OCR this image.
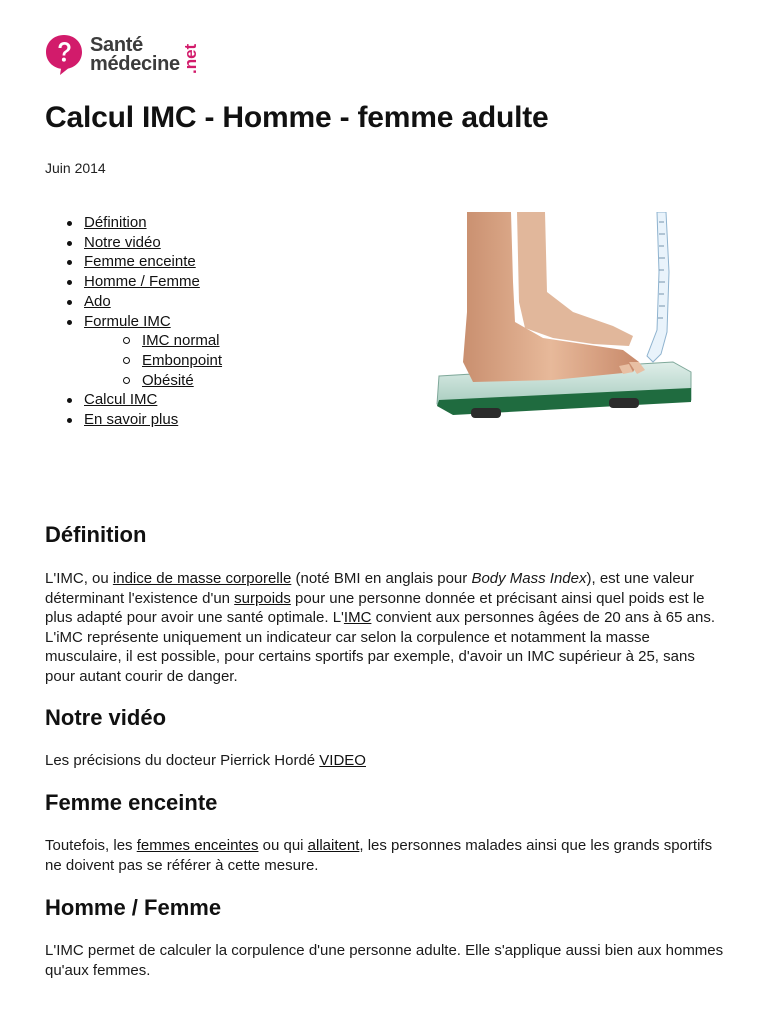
Santé
médecine .net
Calcul IMC - Homme - femme adulte
Juin 2014
Définition
Notre vidéo
Femme enceinte
Homme / Femme
Ado
Formule IMC
IMC normal
Embonpoint
Obésité
Calcul IMC
En savoir plus
Définition

L'IMC, ou indice de masse corporelle (noté BMI en anglais pour Body Mass Index), est une valeur déterminant l'existence d'un surpoids pour une personne donnée et précisant ainsi quel poids est le plus adapté pour avoir une santé optimale. L'IMC convient aux personnes âgées de 20 ans à 65 ans. L'iMC représente uniquement un indicateur car selon la corpulence et notamment la masse musculaire, il est possible, pour certains sportifs par exemple, d'avoir un IMC supérieur à 25, sans pour autant courir de danger.

Notre vidéo

Les précisions du docteur Pierrick Hordé VIDEO

Femme enceinte

Toutefois, les femmes enceintes ou qui allaitent, les personnes malades ainsi que les grands sportifs ne doivent pas se référer à cette mesure.

Homme / Femme

L'IMC permet de calculer la corpulence d'une personne adulte. Elle s'applique aussi bien aux hommes qu'aux femmes.
